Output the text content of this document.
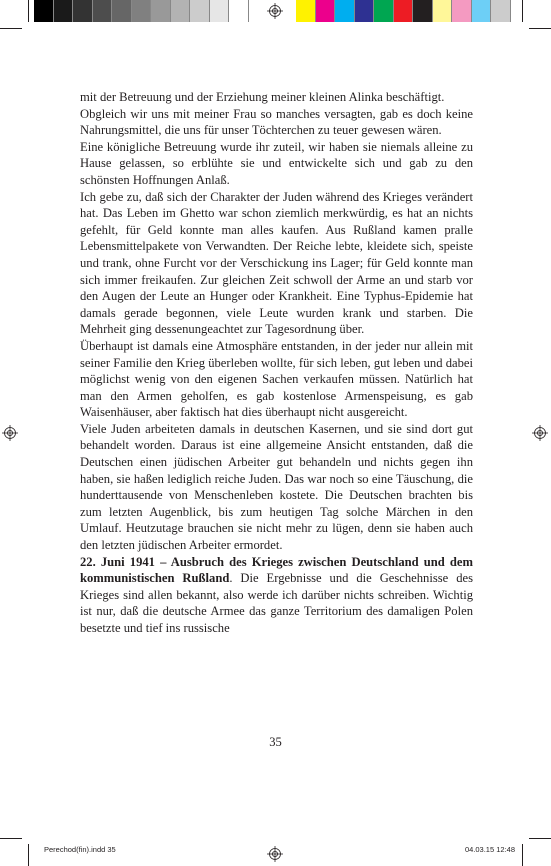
mit der Betreuung und der Erziehung meiner kleinen Alinka beschäftigt.

Obgleich wir uns mit meiner Frau so manches versagten, gab es doch keine Nahrungsmittel, die uns für unser Töchterchen zu teuer gewesen wären.

Eine königliche Betreuung wurde ihr zuteil, wir haben sie niemals alleine zu Hause gelassen, so erblühte sie und entwickelte sich und gab zu den schönsten Hoffnungen Anlaß.

Ich gebe zu, daß sich der Charakter der Juden während des Krieges verändert hat. Das Leben im Ghetto war schon ziemlich merkwürdig, es hat an nichts gefehlt, für Geld konnte man alles kaufen. Aus Rußland kamen pralle Lebensmittelpakete von Verwandten. Der Reiche lebte, kleidete sich, speiste und trank, ohne Furcht vor der Verschickung ins Lager; für Geld konnte man sich immer freikaufen. Zur gleichen Zeit schwoll der Arme an und starb vor den Augen der Leute an Hunger oder Krankheit. Eine Typhus-Epidemie hat damals gerade begonnen, viele Leute wurden krank und starben. Die Mehrheit ging dessenungeachtet zur Tagesordnung über.

Überhaupt ist damals eine Atmosphäre entstanden, in der jeder nur allein mit seiner Familie den Krieg überleben wollte, für sich leben, gut leben und dabei möglichst wenig von den eigenen Sachen verkaufen müssen. Natürlich hat man den Armen geholfen, es gab kostenlose Armenspeisung, es gab Waisenhäuser, aber faktisch hat dies überhaupt nicht ausgereicht.

Viele Juden arbeiteten damals in deutschen Kasernen, und sie sind dort gut behandelt worden. Daraus ist eine allgemeine Ansicht entstanden, daß die Deutschen einen jüdischen Arbeiter gut behandeln und nichts gegen ihn haben, sie haßen lediglich reiche Juden. Das war noch so eine Täuschung, die hunderttausende von Menschenleben kostete. Die Deutschen brachten bis zum letzten Augenblick, bis zum heutigen Tag solche Märchen in den Umlauf. Heutzutage brauchen sie nicht mehr zu lügen, denn sie haben auch den letzten jüdischen Arbeiter ermordet.

22. Juni 1941 – Ausbruch des Krieges zwischen Deutschland und dem kommunistischen Rußland. Die Ergebnisse und die Geschehnisse des Krieges sind allen bekannt, also werde ich darüber nichts schreiben. Wichtig ist nur, daß die deutsche Armee das ganze Territorium des damaligen Polen besetzte und tief ins russische

35
Perechod(fin).indd 35	04.03.15 12:48
